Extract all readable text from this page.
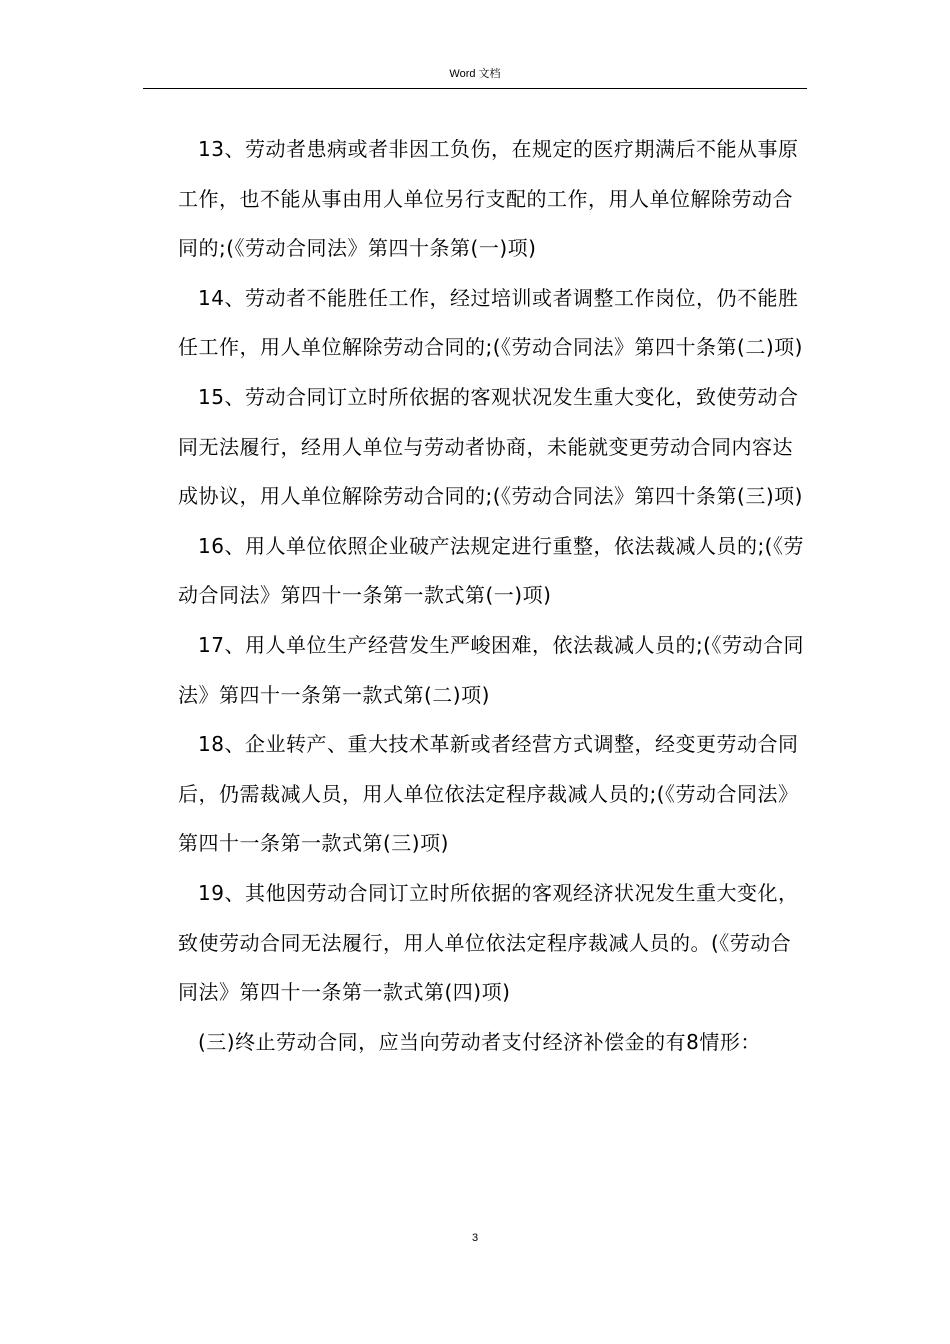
Word 文档

13、劳动者患病或者非因工负伤，在规定的医疗期满后不能从事原工作，也不能从事由用人单位另行支配的工作，用人单位解除劳动合同的;(《劳动合同法》第四十条第(一)项)

14、劳动者不能胜任工作，经过培训或者调整工作岗位，仍不能胜任工作，用人单位解除劳动合同的;(《劳动合同法》第四十条第(二)项)

15、劳动合同订立时所依据的客观状况发生重大变化，致使劳动合同无法履行，经用人单位与劳动者协商，未能就变更劳动合同内容达成协议，用人单位解除劳动合同的;(《劳动合同法》第四十条第(三)项)

16、用人单位依照企业破产法规定进行重整，依法裁减人员的;(《劳动合同法》第四十一条第一款式第(一)项)

17、用人单位生产经营发生严峻困难，依法裁减人员的;(《劳动合同法》第四十一条第一款式第(二)项)

18、企业转产、重大技术革新或者经营方式调整，经变更劳动合同后，仍需裁减人员，用人单位依法定程序裁减人员的;(《劳动合同法》第四十一条第一款式第(三)项)

19、其他因劳动合同订立时所依据的客观经济状况发生重大变化，致使劳动合同无法履行，用人单位依法定程序裁减人员的。(《劳动合同法》第四十一条第一款式第(四)项)

(三)终止劳动合同，应当向劳动者支付经济补偿金的有8情形：

3
